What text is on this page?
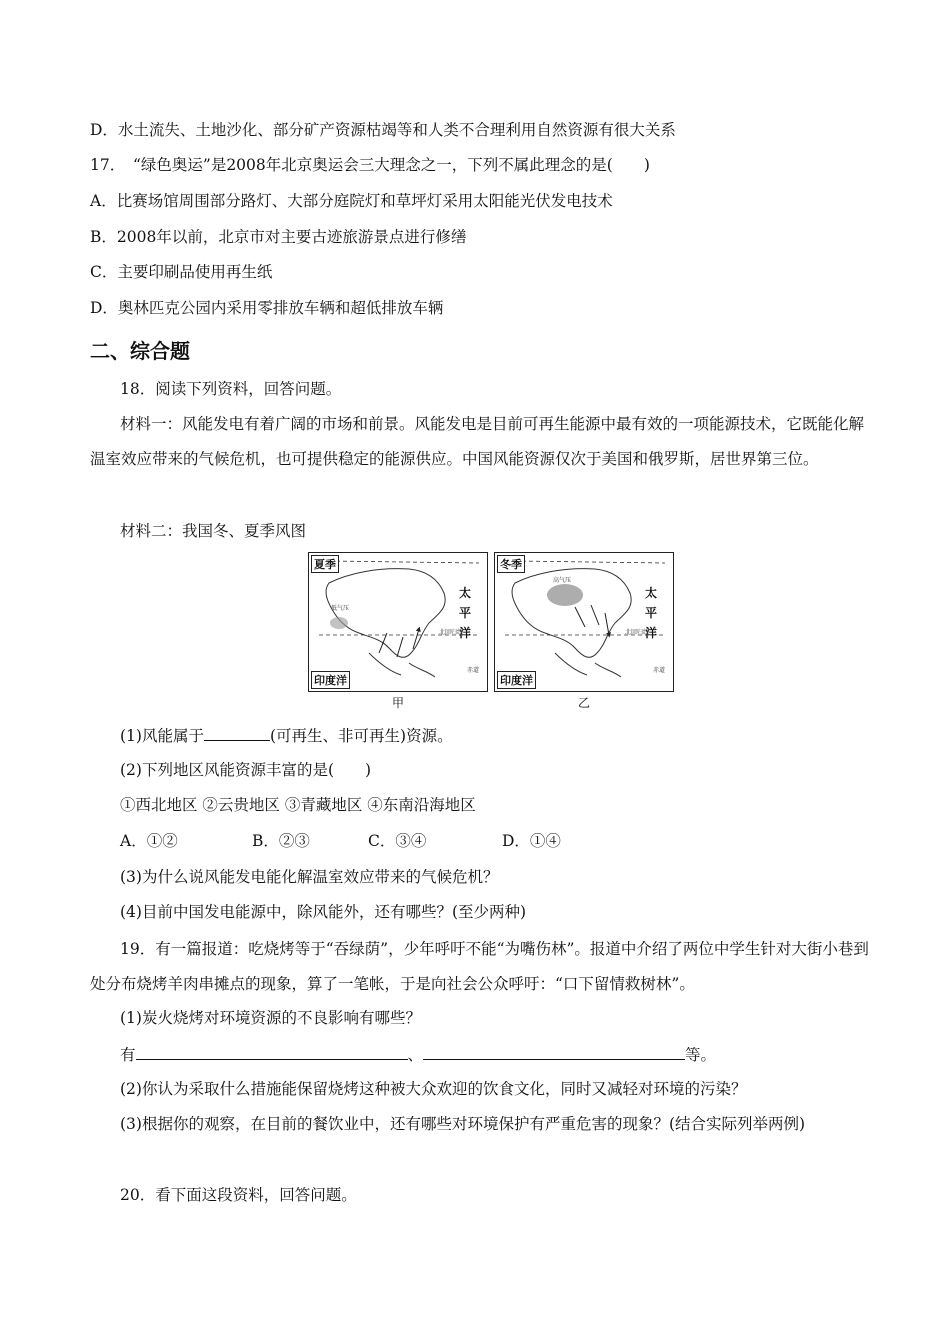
D．水土流失、土地沙化、部分矿产资源枯竭等和人类不合理利用自然资源有很大关系
17．　“绿色奥运”是2008年北京奥运会三大理念之一，下列不属此理念的是(　　)
A．比赛场馆周围部分路灯、大部分庭院灯和草坪灯采用太阳能光伏发电技术
B．2008年以前，北京市对主要古迹旅游景点进行修缮
C．主要印刷品使用再生纸
D．奥林匹克公园内采用零排放车辆和超低排放车辆
二、综合题
18．阅读下列资料，回答问题。
材料一：风能发电有着广阔的市场和前景。风能发电是目前可再生能源中最有效的一项能源技术，它既能化解温室效应带来的气候危机，也可提供稳定的能源供应。中国风能资源仅次于美国和俄罗斯，居世界第三位。
材料二：我国冬、夏季风图
夏季
太平洋
低气压
北回归线
赤道
印度洋
冬季
太平洋
高气压
北回归线
赤道
印度洋
甲	乙
(1)风能属于	(可再生、非可再生)资源。
(2)下列地区风能资源丰富的是(　　)
①西北地区 ②云贵地区 ③青藏地区 ④东南沿海地区
A．①②	B．②③	C．③④	D．①④
(3)为什么说风能发电能化解温室效应带来的气候危机？
(4)目前中国发电能源中，除风能外，还有哪些？(至少两种)
19．有一篇报道：吃烧烤等于“吞绿荫”，少年呼吁不能“为嘴伤林”。报道中介绍了两位中学生针对大街小巷到处分布烧烤羊肉串摊点的现象，算了一笔帐，于是向社会公众呼吁：“口下留情救树林”。
(1)炭火烧烤对环境资源的不良影响有哪些？
有	、	等。
(2)你认为采取什么措施能保留烧烤这种被大众欢迎的饮食文化，同时又减轻对环境的污染？
(3)根据你的观察，在目前的餐饮业中，还有哪些对环境保护有严重危害的现象？(结合实际列举两例)
20．看下面这段资料，回答问题。
